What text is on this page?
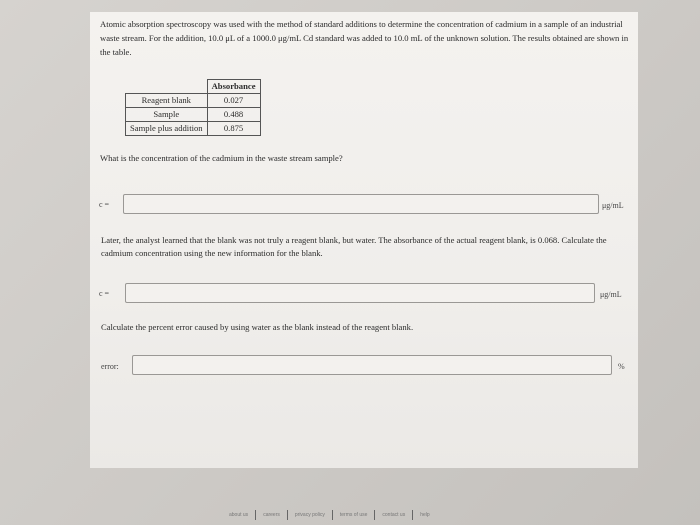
Atomic absorption spectroscopy was used with the method of standard additions to determine the concentration of cadmium in a sample of an industrial waste stream. For the addition, 10.0 μL of a 1000.0 μg/mL Cd standard was added to 10.0 mL of the unknown solution. The results obtained are shown in the table.
	Absorbance
Reagent blank	0.027
Sample	0.488
Sample plus addition	0.875
What is the concentration of the cadmium in the waste stream sample?
c =	μg/mL
Later, the analyst learned that the blank was not truly a reagent blank, but water. The absorbance of the actual reagent blank, is 0.068. Calculate the cadmium concentration using the new information for the blank.
c =	μg/mL
Calculate the percent error caused by using water as the blank instead of the reagent blank.
error:	%
about us	careers	privacy policy	terms of use	contact us	help
